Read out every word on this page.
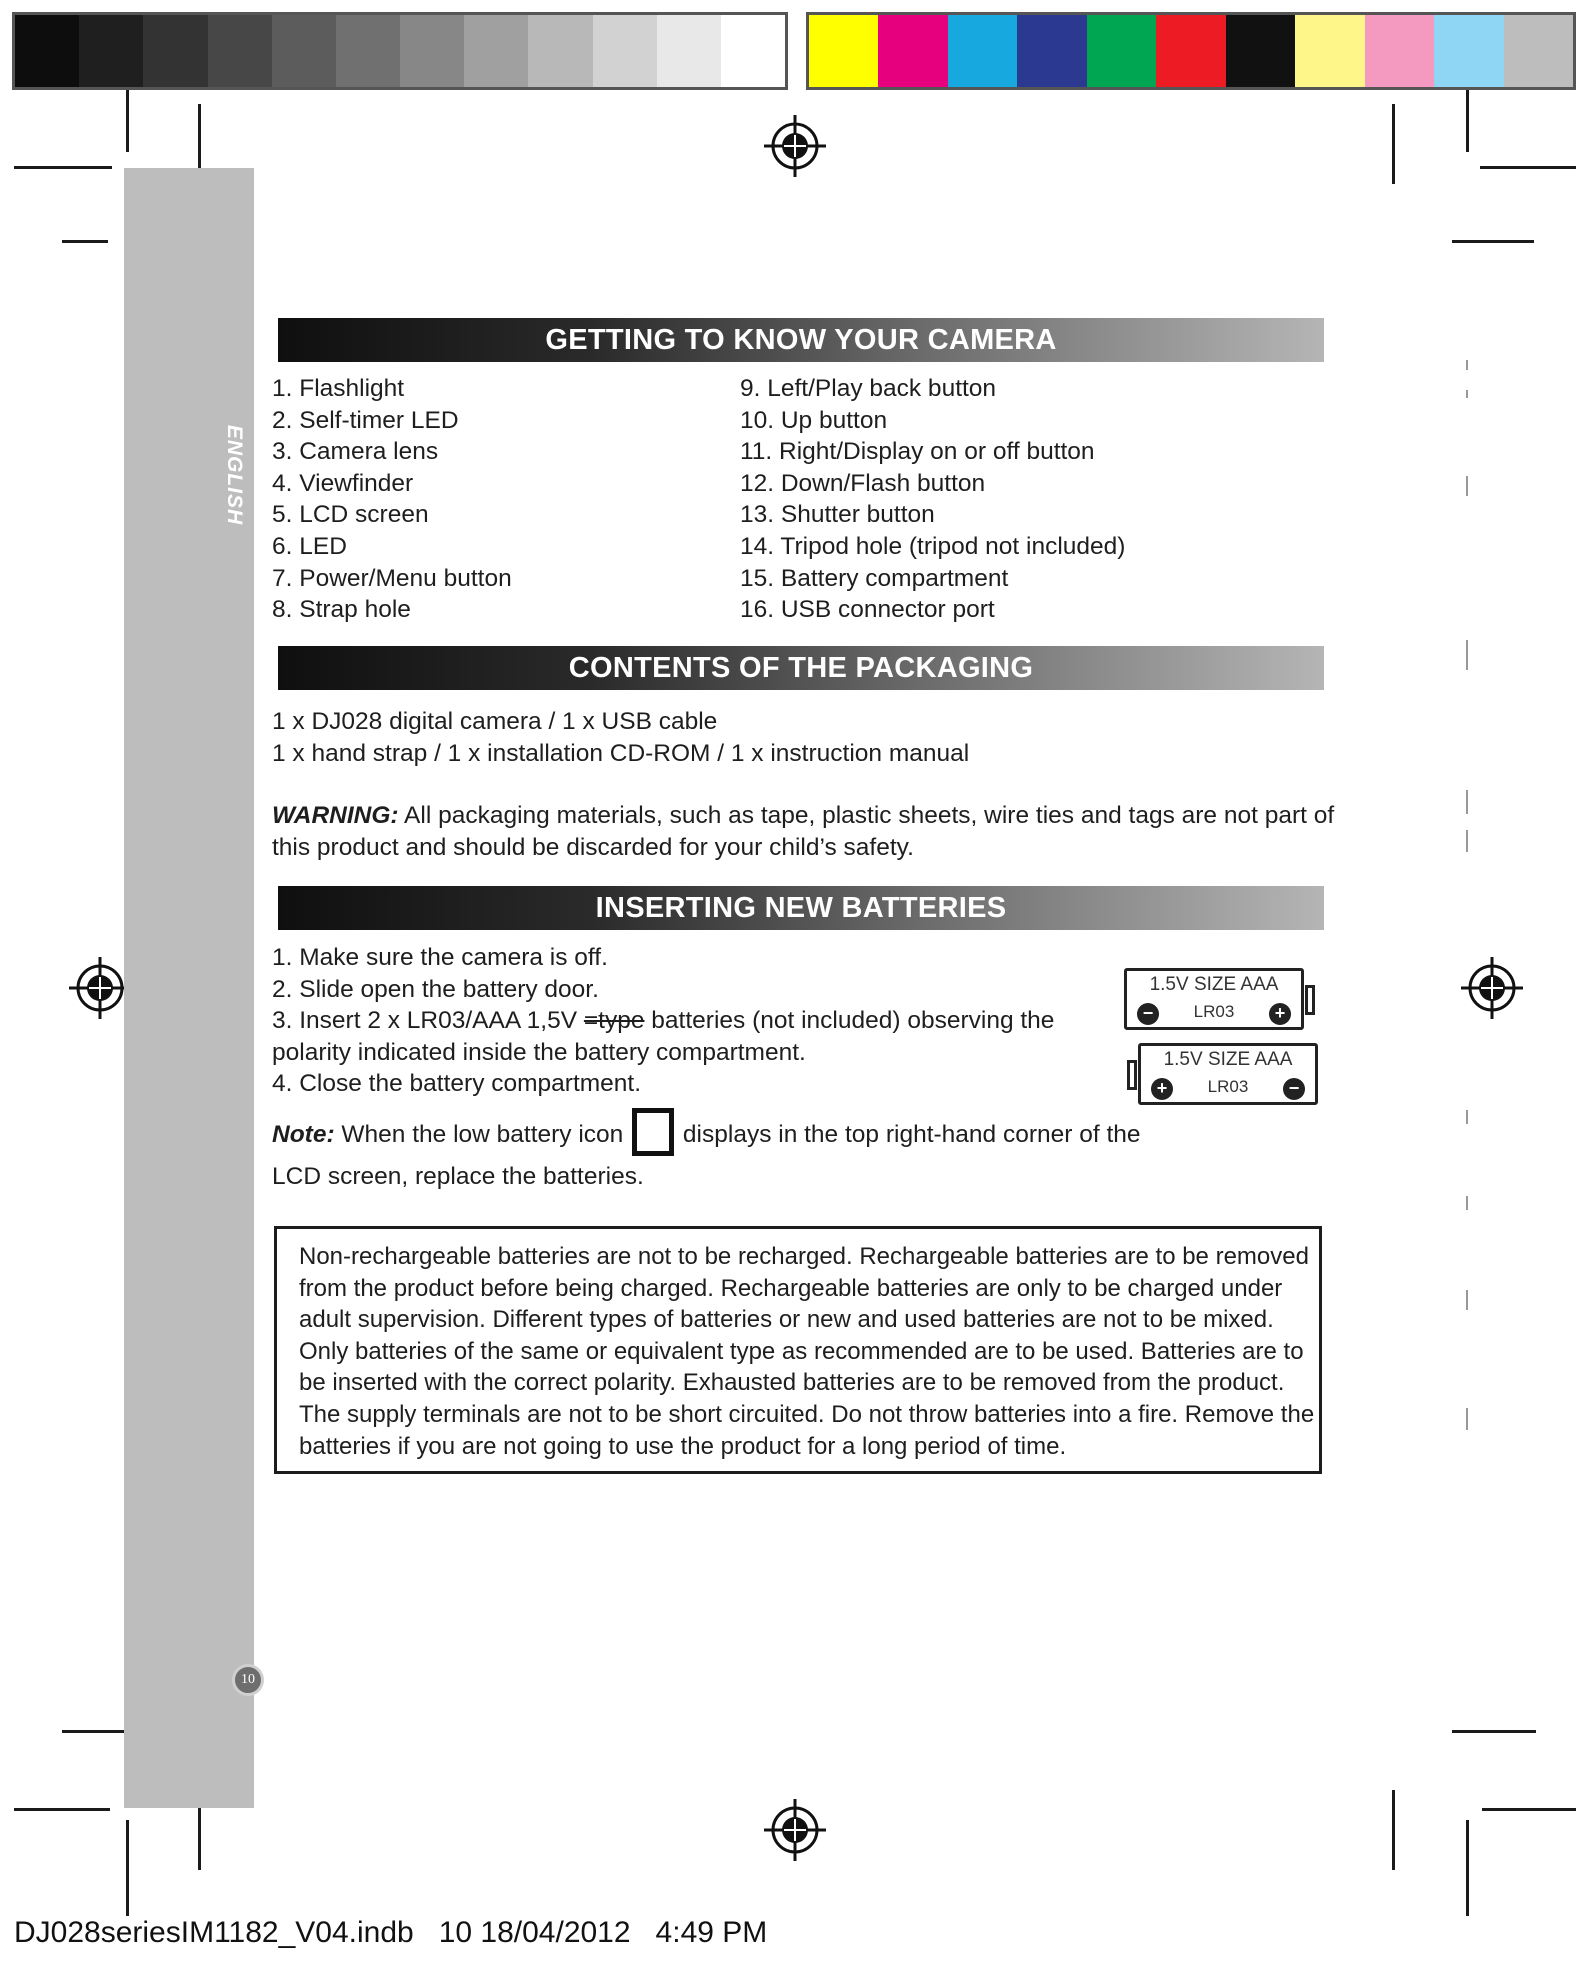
ENGLISH
10
GETTING TO KNOW YOUR CAMERA
1. Flashlight
2. Self-timer LED
3. Camera lens
4. Viewfinder
5. LCD screen
6. LED
7. Power/Menu button
8. Strap hole
9. Left/Play back button
10. Up button
11. Right/Display on or off button
12. Down/Flash button
13. Shutter button
14. Tripod hole (tripod not included)
15. Battery compartment
16. USB connector port
CONTENTS OF THE PACKAGING

1 x DJ028 digital camera / 1 x USB cable

1 x hand strap / 1 x installation CD-ROM / 1 x instruction manual

WARNING: All packaging materials, such as tape, plastic sheets, wire ties and tags are not part of

this product and should be discarded for your child’s safety.

INSERTING NEW BATTERIES

1. Make sure the camera is off.

2. Slide open the battery door.

3. Insert 2 x LR03/AAA 1,5V =type batteries (not included) observing the

polarity indicated inside the battery compartment.

4. Close the battery compartment.

Note: When the low battery icon  displays in the top right-hand corner of the

LCD screen, replace the batteries.

1.5V SIZE AAA
LR03
−	+
1.5V SIZE AAA
LR03
+	−

Non-rechargeable batteries are not to be recharged. Rechargeable batteries are to be removed

from the product before being charged. Rechargeable batteries are only to be charged under

adult supervision. Different types of batteries or new and used batteries are not to be mixed.

Only batteries of the same or equivalent type as recommended are to be used. Batteries are to

be inserted with the correct polarity. Exhausted batteries are to be removed from the product.

The supply terminals are not to be short circuited. Do not throw batteries into a fire. Remove the

batteries if you are not going to use the product for a long period of time.

DJ028seriesIM1182_V04.indb   10 18/04/2012   4:49 PM
